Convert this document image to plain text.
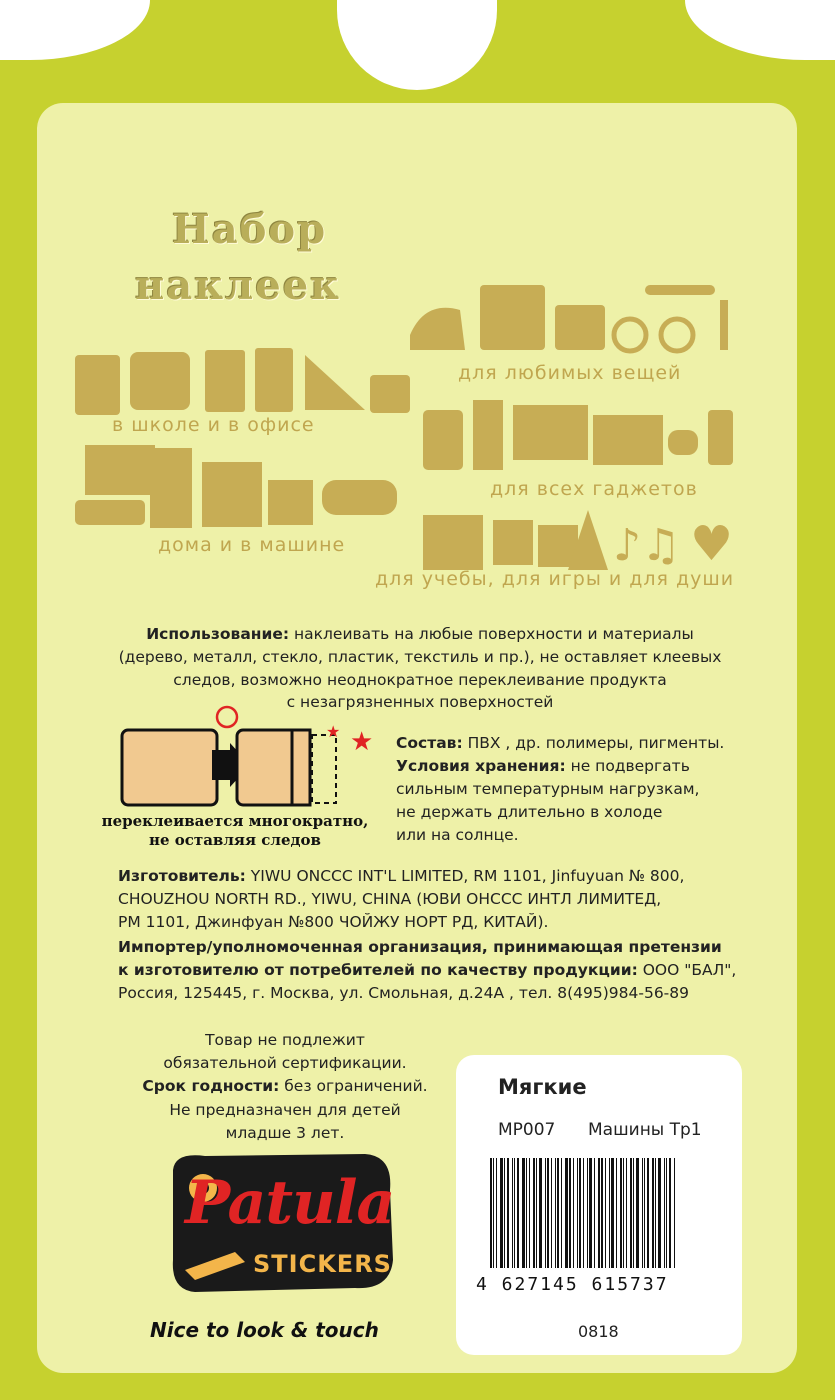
Набор
наклеек
в школе и в офисе
дома и в машине
для любимых вещей
для всех гаджетов
♪♫ ♥
для учебы, для игры и для души
Использование: наклеивать на любые поверхности и материалы
(дерево, металл, стекло, пластик, текстиль и пр.), не оставляет клеевых
следов, возможно неоднократное переклеивание продукта
с незагрязненных поверхностей
★
★
переклеивается многократно,
не оставляя следов
Состав: ПВХ , др. полимеры, пигменты.
Условия хранения: не подвергать
сильным температурным нагрузкам,
не держать длительно в холоде
или на солнце.
Изготовитель: YIWU ONCCC INT'L LIMITED, RM 1101, Jinfuyuan № 800,
CHOUZHOU NORTH RD., YIWU, CHINA (ЮВИ ОНССС ИНТЛ ЛИМИТЕД,
РМ 1101, Джинфуан №800 ЧОЙЖУ НОРТ РД, КИТАЙ).
Импортер/уполномоченная организация, принимающая претензии
к изготовителю от потребителей по качеству продукции: ООО "БАЛ",
Россия, 125445, г. Москва, ул. Смольная, д.24А , тел. 8(495)984-56-89
Товар не подлежит
обязательной сертификации.
Срок годности: без ограничений.
Не предназначен для детей
младше 3 лет.
Patula
STICKERS
Nice to look & touch
Мягкие
MP007 Машины Тр1
4 627145 615737
0818
